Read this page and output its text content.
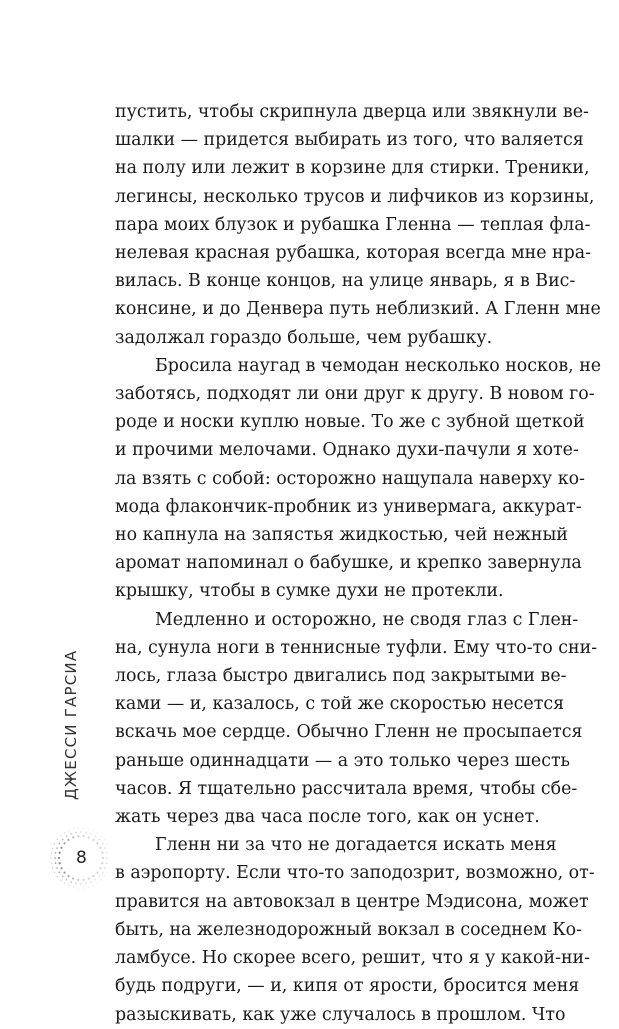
пустить, чтобы скрипнула дверца или звякнули ве-
шалки — придется выбирать из того, что валяется
на полу или лежит в корзине для стирки. Треники,
легинсы, несколько трусов и лифчиков из корзины,
пара моих блузок и рубашка Гленна — теплая фла-
нелевая красная рубашка, которая всегда мне нра-
вилась. В конце концов, на улице январь, я в Вис-
консине, и до Денвера путь неблизкий. А Гленн мне
задолжал гораздо больше, чем рубашку.
Бросила наугад в чемодан несколько носков, не
заботясь, подходят ли они друг к другу. В новом го-
роде и носки куплю новые. То же с зубной щеткой
и прочими мелочами. Однако духи-пачули я хоте-
ла взять с собой: осторожно нащупала наверху ко-
мода флакончик-пробник из универмага, аккурат-
но капнула на запястья жидкостью, чей нежный
аромат напоминал о бабушке, и крепко завернула
крышку, чтобы в сумке духи не протекли.
Медленно и осторожно, не сводя глаз с Глен-
на, сунула ноги в теннисные туфли. Ему что-то сни-
лось, глаза быстро двигались под закрытыми ве-
ками — и, казалось, с той же скоростью несется
вскачь мое сердце. Обычно Гленн не просыпается
раньше одиннадцати — а это только через шесть
часов. Я тщательно рассчитала время, чтобы сбе-
жать через два часа после того, как он уснет.
Гленн ни за что не догадается искать меня
в аэропорту. Если что-то заподозрит, возможно, от-
правится на автовокзал в центре Мэдисона, может
быть, на железнодорожный вокзал в соседнем Ко-
ламбусе. Но скорее всего, решит, что я у какой-ни-
будь подруги, — и, кипя от ярости, бросится меня
разыскивать, как уже случалось в прошлом. Что
ДЖЕССИ ГАРСИА
8
